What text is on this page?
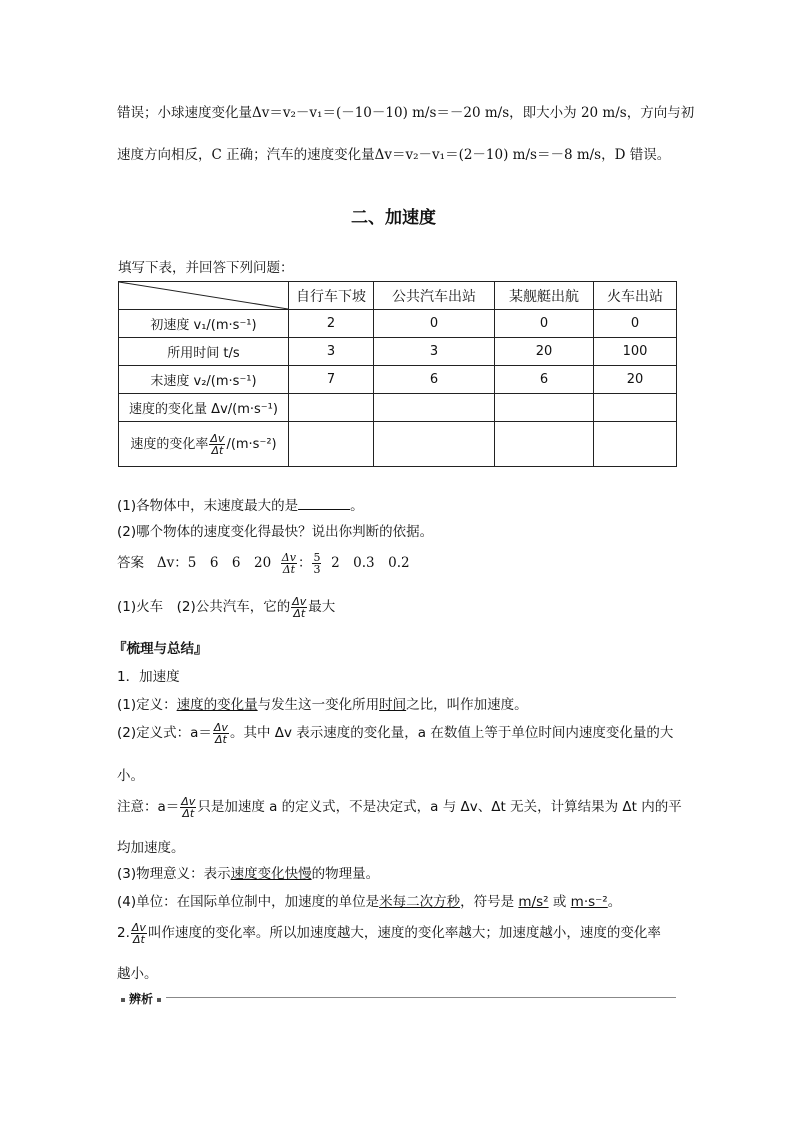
错误；小球速度变化量Δv＝v₂－v₁＝(－10－10) m/s＝－20 m/s，即大小为 20 m/s，方向与初
速度方向相反，C 正确；汽车的速度变化量Δv＝v₂－v₁＝(2－10) m/s＝－8 m/s，D 错误。
二、加速度
填写下表，并回答下列问题：
	自行车下坡	公共汽车出站	某舰艇出航	火车出站
初速度 v₁/(m·s⁻¹)	2	0	0	0
所用时间 t/s	3	3	20	100
末速度 v₂/(m·s⁻¹)	7	6	6	20
速度的变化量 Δv/(m·s⁻¹)				
速度的变化率 $\frac{\Delta v}{\Delta t} /(m\cdot s^{-2})$				
(1)各物体中，末速度最大的是	。
(2)哪个物体的速度变化得最快？说出你判断的依据。
答案 Δv：5　6　6　$20 \frac{\Delta v}{\Delta t}$ ： $\frac{5}{3} 2$　0.3　0.2
(1)火车　(2)公共汽车，它的 $\frac{\Delta v}{\Delta t}$ 最大
『梳理与总结』
1．加速度
(1)定义：速度的变化量与发生这一变化所用时间之比，叫作加速度。
(2)定义式：$a= \frac{\Delta v}{\Delta t}$ 。其中 Δv 表示速度的变化量，a 在数值上等于单位时间内速度变化量的大
小。
注意：$a= \frac{\Delta v}{\Delta t}$ 只是加速度 a 的定义式，不是决定式，a 与 Δv、Δt 无关，计算结果为 Δt 内的平
均加速度。
(3)物理意义：表示速度变化快慢的物理量。
(4)单位：在国际单位制中，加速度的单位是米每二次方秒，符号是 m/s² 或 m·s⁻²。
2. $\frac{\Delta v}{\Delta t}$ 叫作速度的变化率。所以加速度越大，速度的变化率越大；加速度越小，速度的变化率
越小。
辨析
